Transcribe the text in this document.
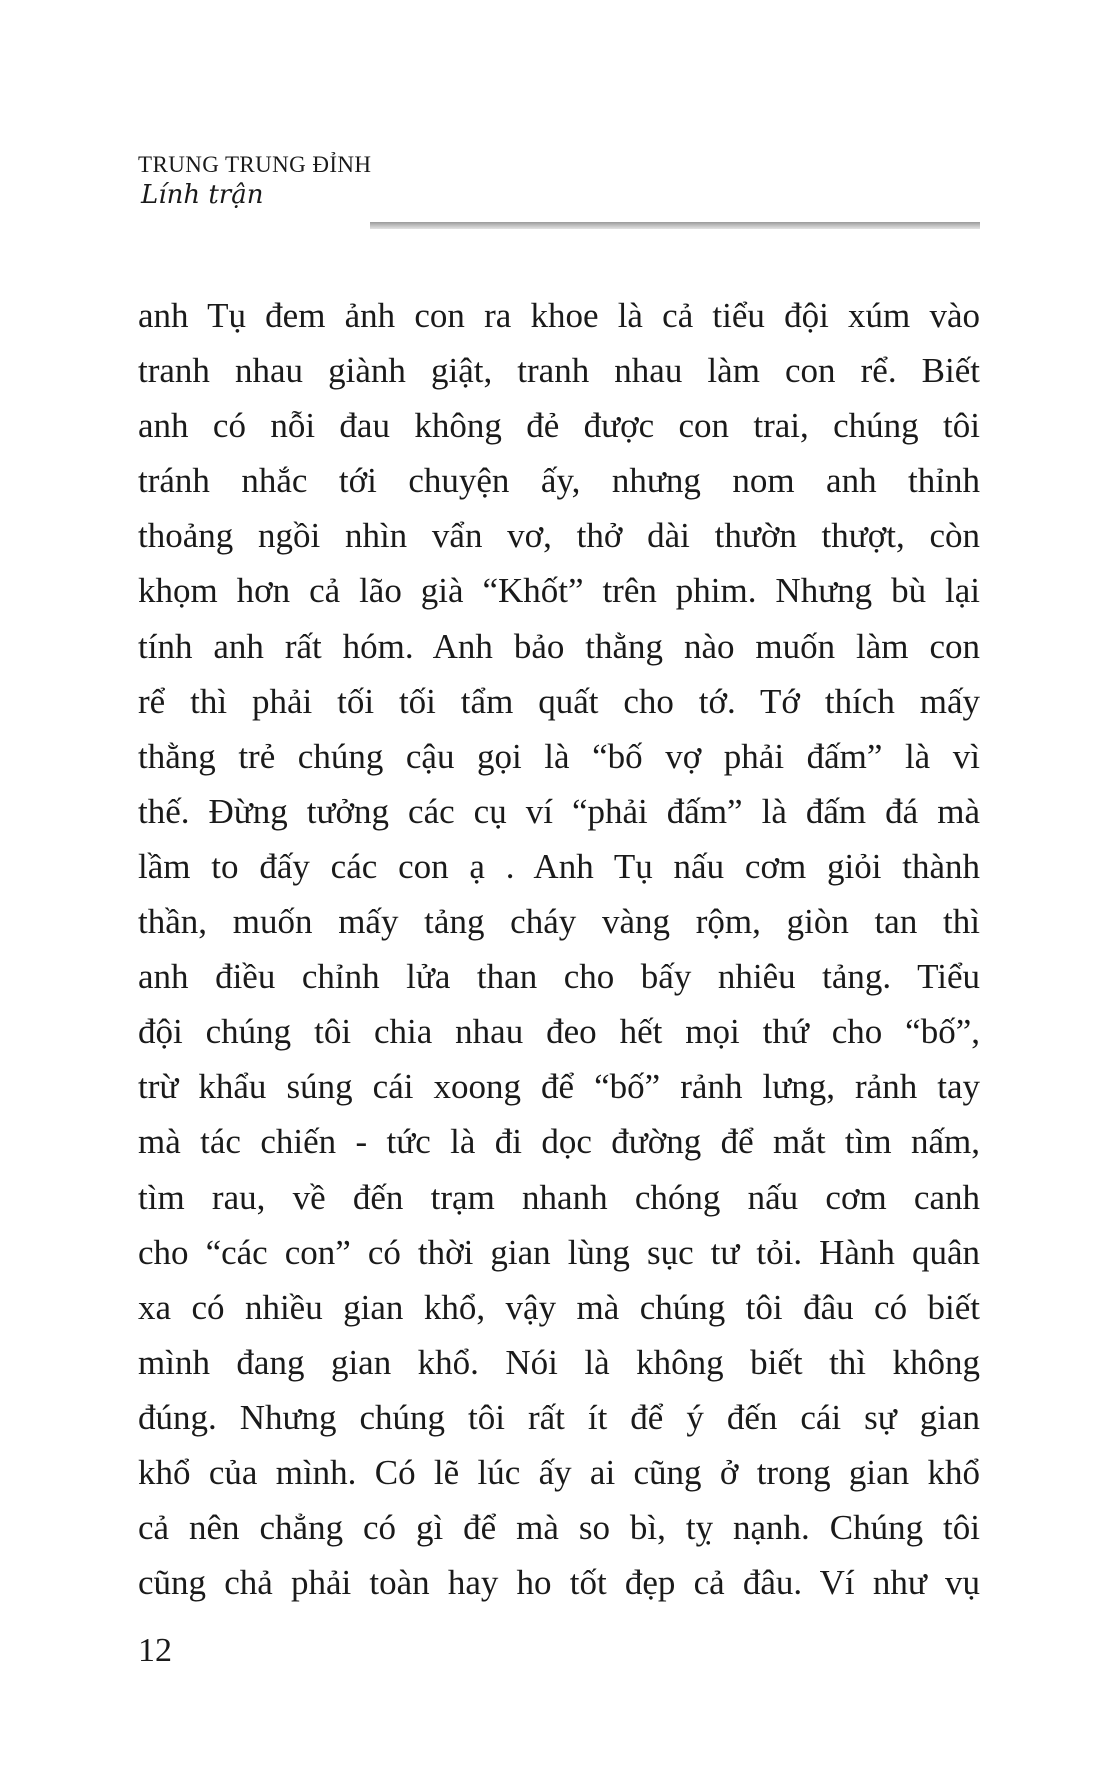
TRUNG TRUNG ĐỈNH
Lính trận
anh Tụ đem ảnh con ra khoe là cả tiểu đội xúm vào
tranh nhau giành giật, tranh nhau làm con rể. Biết
anh có nỗi đau không đẻ được con trai, chúng tôi
tránh nhắc tới chuyện ấy, nhưng nom anh thỉnh
thoảng ngồi nhìn vẩn vơ, thở dài thườn thượt, còn
khọm hơn cả lão già “Khốt” trên phim. Nhưng bù lại
tính anh rất hóm. Anh bảo thằng nào muốn làm con
rể thì phải tối tối tẩm quất cho tớ. Tớ thích mấy
thằng trẻ chúng cậu gọi là “bố vợ phải đấm” là vì
thế. Đừng tưởng các cụ ví “phải đấm” là đấm đá mà
lầm to đấy các con ạ . Anh Tụ nấu cơm giỏi thành
thần, muốn mấy tảng cháy vàng rộm, giòn tan thì
anh điều chỉnh lửa than cho bấy nhiêu tảng. Tiểu
đội chúng tôi chia nhau đeo hết mọi thứ cho “bố”,
trừ khẩu súng cái xoong để “bố” rảnh lưng, rảnh tay
mà tác chiến - tức là đi dọc đường để mắt tìm nấm,
tìm rau, về đến trạm nhanh chóng nấu cơm canh
cho “các con” có thời gian lùng sục tư tỏi. Hành quân
xa có nhiều gian khổ, vậy mà chúng tôi đâu có biết
mình đang gian khổ. Nói là không biết thì không
đúng. Nhưng chúng tôi rất ít để ý đến cái sự gian
khổ của mình. Có lẽ lúc ấy ai cũng ở trong gian khổ
cả nên chẳng có gì để mà so bì, tỵ nạnh. Chúng tôi
cũng chả phải toàn hay ho tốt đẹp cả đâu. Ví như vụ
12
